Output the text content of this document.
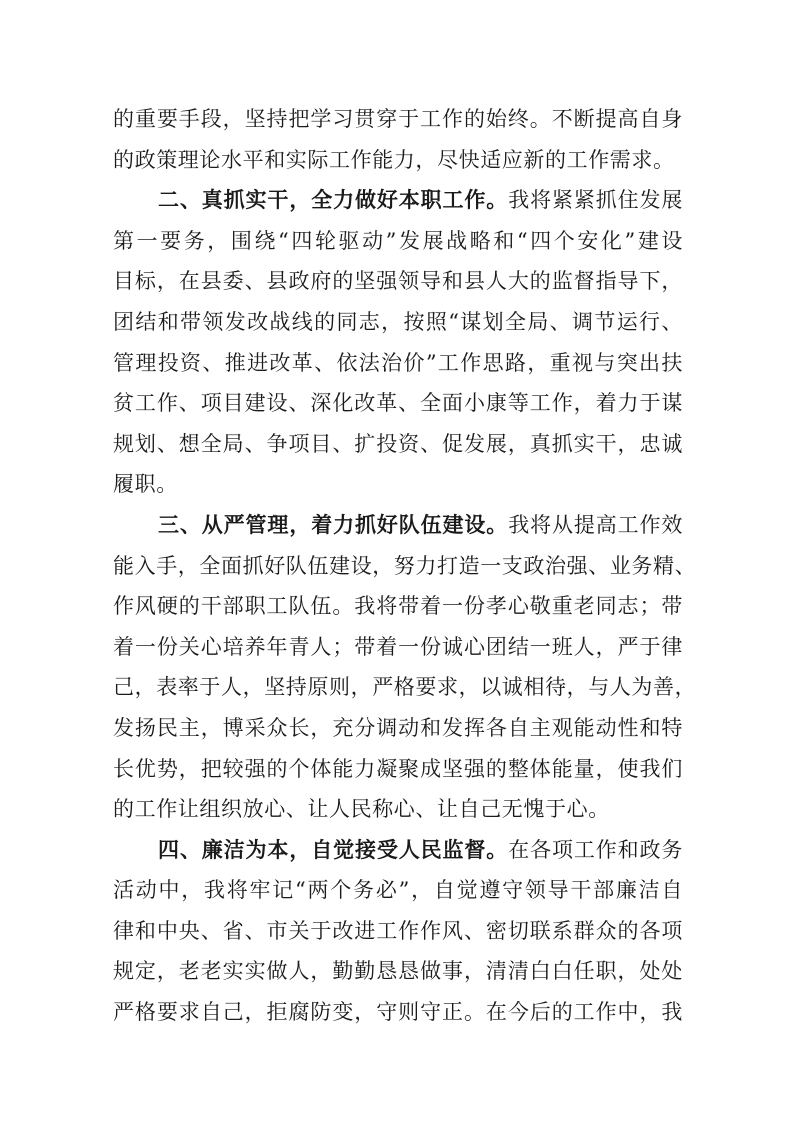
的重要手段，坚持把学习贯穿于工作的始终。不断提高自身
的政策理论水平和实际工作能力，尽快适应新的工作需求。
二、真抓实干，全力做好本职工作。我将紧紧抓住发展
第一要务，围绕“四轮驱动”发展战略和“四个安化”建设
目标，在县委、县政府的坚强领导和县人大的监督指导下，
团结和带领发改战线的同志，按照“谋划全局、调节运行、
管理投资、推进改革、依法治价”工作思路，重视与突出扶
贫工作、项目建设、深化改革、全面小康等工作，着力于谋
规划、想全局、争项目、扩投资、促发展，真抓实干，忠诚
履职。
三、从严管理，着力抓好队伍建设。我将从提高工作效
能入手，全面抓好队伍建设，努力打造一支政治强、业务精、
作风硬的干部职工队伍。我将带着一份孝心敬重老同志；带
着一份关心培养年青人；带着一份诚心团结一班人，严于律
己，表率于人，坚持原则，严格要求，以诚相待，与人为善，
发扬民主，博采众长，充分调动和发挥各自主观能动性和特
长优势，把较强的个体能力凝聚成坚强的整体能量，使我们
的工作让组织放心、让人民称心、让自己无愧于心。
四、廉洁为本，自觉接受人民监督。在各项工作和政务
活动中，我将牢记“两个务必”，自觉遵守领导干部廉洁自
律和中央、省、市关于改进工作作风、密切联系群众的各项
规定，老老实实做人，勤勤恳恳做事，清清白白任职，处处
严格要求自己，拒腐防变，守则守正。在今后的工作中，我
